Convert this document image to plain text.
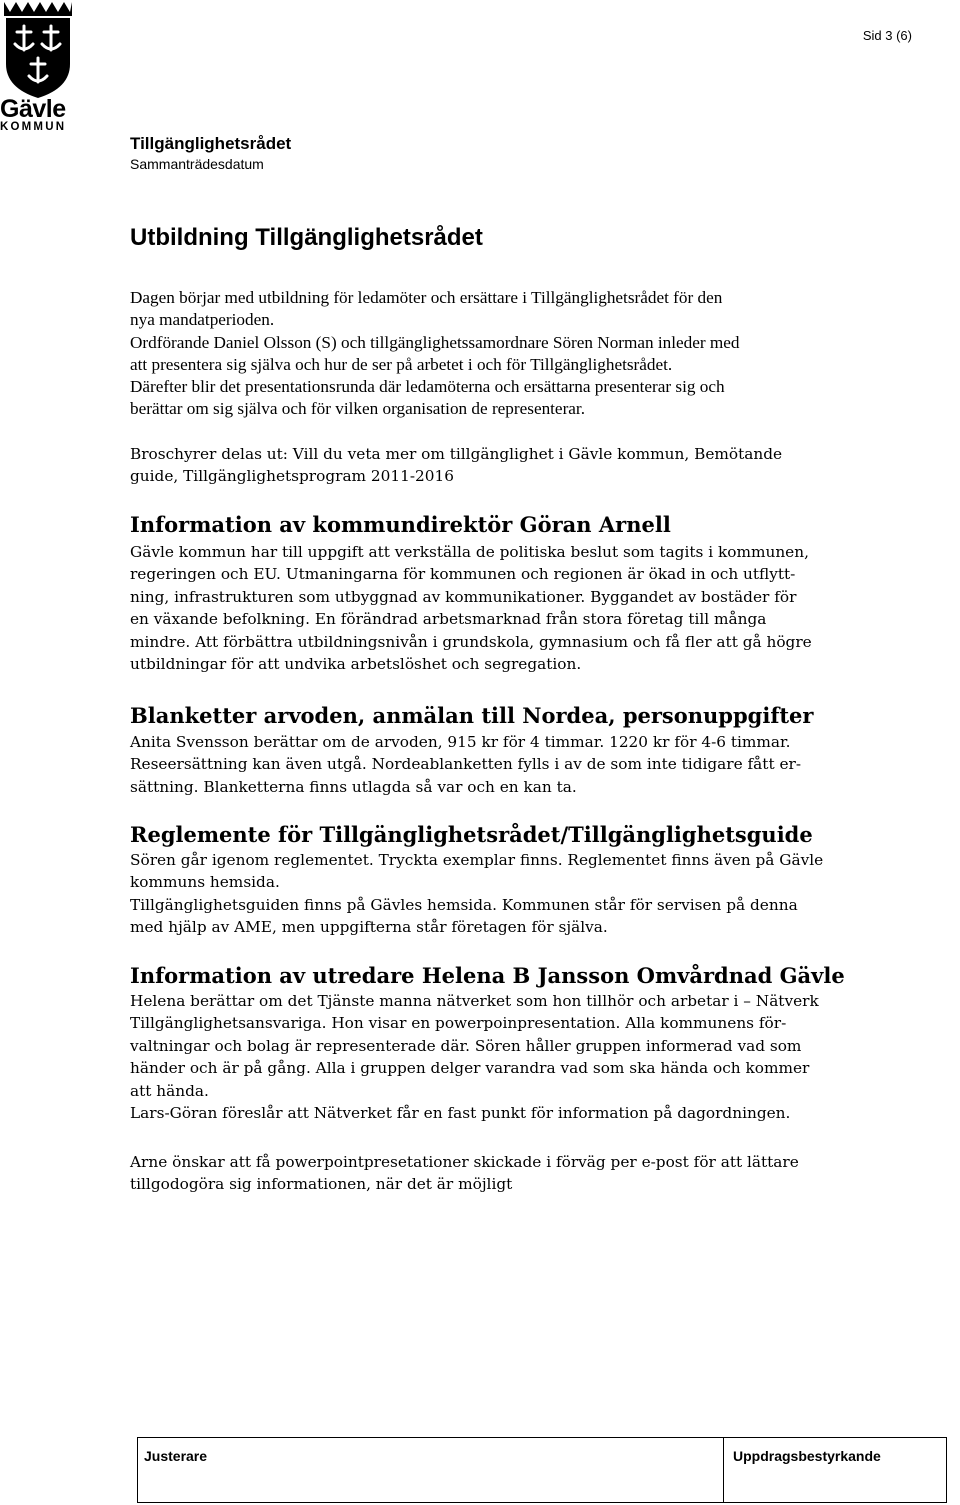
Gävle
KOMMUN
Sid 3 (6)
Tillgänglighetsrådet
Sammanträdesdatum
Utbildning Tillgänglighetsrådet
Dagen börjar med utbildning för ledamöter och ersättare i Tillgänglighetsrådet för den
nya mandatperioden.
Ordförande Daniel Olsson (S) och tillgänglighetssamordnare Sören Norman inleder med
att presentera sig själva och hur de ser på arbetet i och för Tillgänglighetsrådet.
Därefter blir det presentationsrunda där ledamöterna och ersättarna presenterar sig och
berättar om sig själva och för vilken organisation de representerar.
Broschyrer delas ut: Vill du veta mer om tillgänglighet i Gävle kommun, Bemötande
guide, Tillgänglighetsprogram 2011-2016
Information av kommundirektör Göran Arnell
Gävle kommun har till uppgift att verkställa de politiska beslut som tagits i kommunen,
regeringen och EU. Utmaningarna för kommunen och regionen är ökad in och utflytt-
ning, infrastrukturen som utbyggnad av kommunikationer. Byggandet av bostäder för
en växande befolkning. En förändrad arbetsmarknad från stora företag till många
mindre. Att förbättra utbildningsnivån i grundskola, gymnasium och få fler att gå högre
utbildningar för att undvika arbetslöshet och segregation.
Blanketter arvoden, anmälan till Nordea, personuppgifter
Anita Svensson berättar om de arvoden, 915 kr för 4 timmar. 1220 kr för 4-6 timmar.
Reseersättning kan även utgå. Nordeablanketten fylls i av de som inte tidigare fått er-
sättning. Blanketterna finns utlagda så var och en kan ta.
Reglemente för Tillgänglighetsrådet/Tillgänglighetsguide
Sören går igenom reglementet. Tryckta exemplar finns. Reglementet finns även på Gävle
kommuns hemsida.
Tillgänglighetsguiden finns på Gävles hemsida. Kommunen står för servisen på denna
med hjälp av AME, men uppgifterna står företagen för själva.
Information av utredare Helena B Jansson Omvårdnad Gävle
Helena berättar om det Tjänste manna nätverket som hon tillhör och arbetar i – Nätverk
Tillgänglighetsansvariga. Hon visar en powerpoinpresentation. Alla kommunens för-
valtningar och bolag är representerade där. Sören håller gruppen informerad vad som
händer och är på gång. Alla i gruppen delger varandra vad som ska hända och kommer
att hända.
Lars-Göran föreslår att Nätverket får en fast punkt för information på dagordningen.
Arne önskar att få powerpointpresetationer skickade i förväg per e-post för att lättare
tillgodogöra sig informationen, när det är möjligt
Justerare	Uppdragsbestyrkande
